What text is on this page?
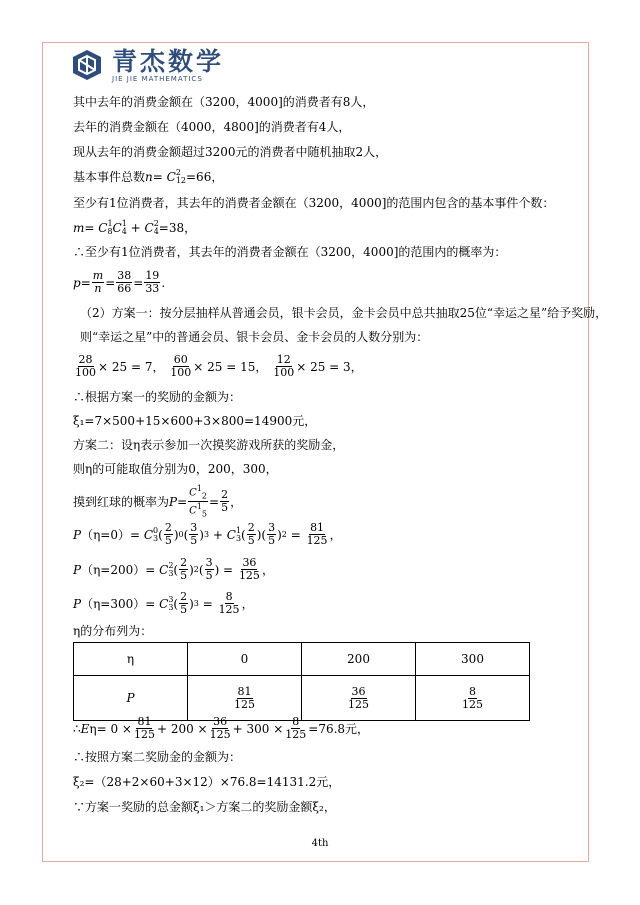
青杰数学
JIE JIE MATHEMATICS
其中去年的消费金额在（3200，4000]的消费者有8人，
去年的消费金额在（4000，4800]的消费者有4人，
现从去年的消费金额超过3200元的消费者中随机抽取2人，
基本事件总数 n = C 2
12 =66，
至少有1位消费者，其去年的消费者金额在（3200，4000]的范围内包含的基本事件个数：
m = C 1
8 C 1
4 + C 2
4 =38，
∴至少有1位消费者，其去年的消费者金额在（3200，4000]的范围内的概率为：
$p = \frac{m}{n} = \frac{38}{66} = \frac{19}{33}$ .
（2）方案一：按分层抽样从普通会员，银卡会员，金卡会员中总共抽取25位“幸运之星”给予奖励，
则“幸运之星”中的普通会员、银卡会员、金卡会员的人数分别为：
$\frac{28}{100} \times 25 = 7$，
$\frac{60}{100} \times 25 = 15$，
$\frac{12}{100} \times 25 = 3$，
∴根据方案一的奖励的金额为：
ξ₁=7×500+15×600+3×800=14900元，
方案二：设η表示参加一次摸奖游戏所获的奖励金，
则η的可能取值分别为0，200，300，
摸到红球的概率为 P =
$C^1_2$
$C^1_5$
= $\frac{2}{5}$ ，
P （η=0）=
C 0
3 ( $\frac{2}{5}$ ) 0 ( $\frac{3}{5}$ ) 3 + C 1
3 ( $\frac{2}{5}$ )( $\frac{3}{5}$ ) $2 = \frac{81}{125}$ ，
P （η=200）=
C 2
3 ( $\frac{2}{5}$ ) 2 ( $\frac{3}{5}$ ) = $\frac{36}{125}$ ，
P （η=300）=
C 3
3 ( $\frac{2}{5}$ ) $3 = \frac{8}{125}$ ，
η的分布列为：
η	0	200	300
P	$\frac{81}{125}$	$\frac{36}{125}$	$\frac{8}{125}$
∴ E $\eta= 0 \times \frac{81}{125} + 200 \times \frac{36}{125} + 300 \times \frac{8}{125} =76.8$元，
∴按照方案二奖励金的金额为：
ξ₂=（28+2×60+3×12）×76.8=14131.2元，
∵方案一奖励的总金额ξ₁＞方案二的奖励金额ξ₂，
4th
